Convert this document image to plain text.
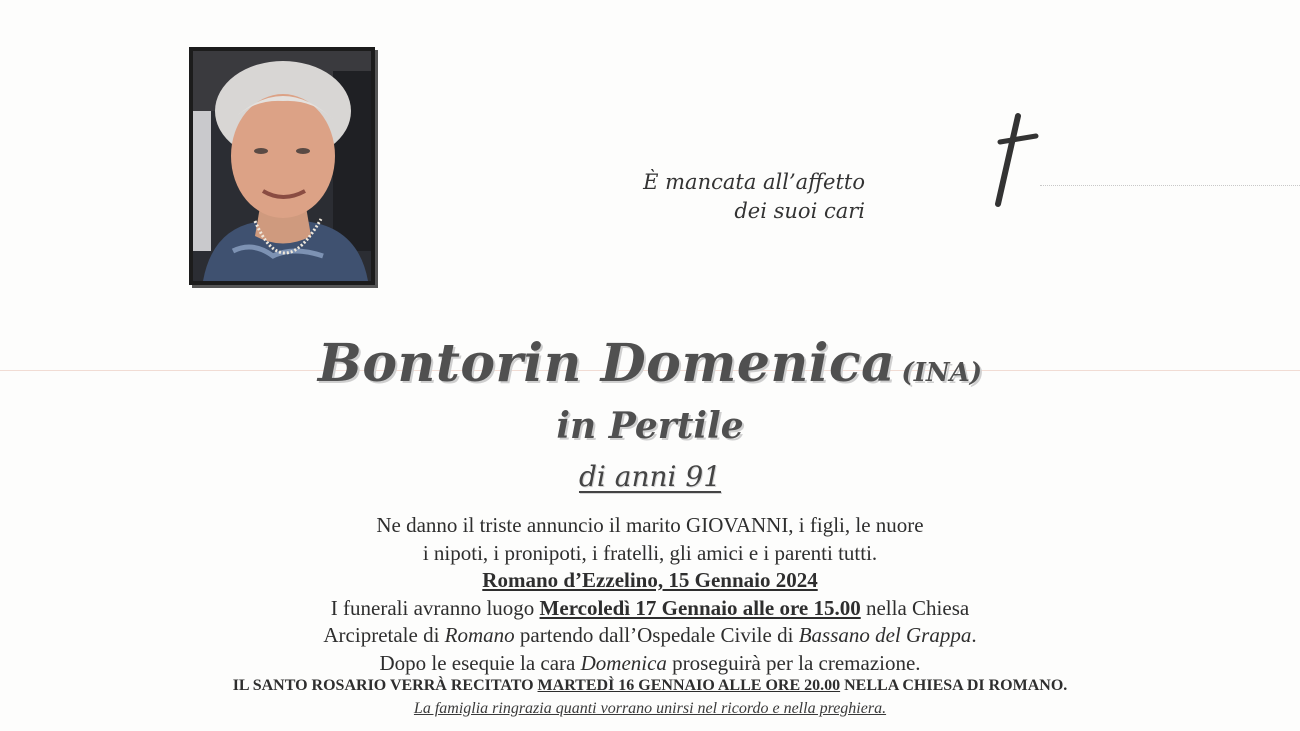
È mancata all’affetto
dei suoi cari
Bontorin Domenica (INA)
in Pertile
di anni 91
Ne danno il triste annuncio il marito GIOVANNI, i figli, le nuore
i nipoti, i pronipoti, i fratelli, gli amici e i parenti tutti.
Romano d’Ezzelino, 15 Gennaio 2024
I funerali avranno luogo Mercoledì 17 Gennaio alle ore 15.00 nella Chiesa
Arcipretale di Romano partendo dall’Ospedale Civile di Bassano del Grappa.
Dopo le esequie la cara Domenica proseguirà per la cremazione.
IL SANTO ROSARIO VERRÀ RECITATO MARTEDÌ 16 GENNAIO ALLE ORE 20.00 NELLA CHIESA DI ROMANO.
La famiglia ringrazia quanti vorrano unirsi nel ricordo e nella preghiera.
